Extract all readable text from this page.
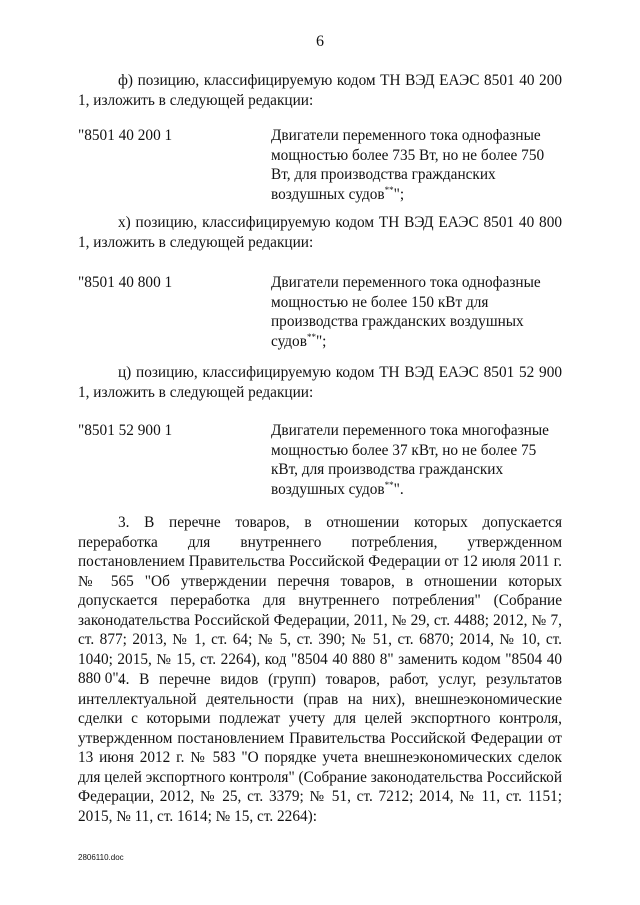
6
ф) позицию, классифицируемую кодом ТН ВЭД ЕАЭС 8501 40 200 1, изложить в следующей редакции:
"8501 40 200 1	Двигатели переменного тока однофазные мощностью более 735 Вт, но не более 750 Вт, для производства гражданских воздушных судов**";
х) позицию, классифицируемую кодом ТН ВЭД ЕАЭС 8501 40 800 1, изложить в следующей редакции:
"8501 40 800 1	Двигатели переменного тока однофазные мощностью не более 150 кВт для производства гражданских воздушных судов**";
ц) позицию, классифицируемую кодом ТН ВЭД ЕАЭС 8501 52 900 1, изложить в следующей редакции:
"8501 52 900 1	Двигатели переменного тока многофазные мощностью более 37 кВт, но не более 75 кВт, для производства гражданских воздушных судов**".
3. В перечне товаров, в отношении которых допускается переработка для внутреннего потребления, утвержденном постановлением Правительства Российской Федерации от 12 июля 2011 г. № 565 "Об утверждении перечня товаров, в отношении которых допускается переработка для внутреннего потребления" (Собрание законодательства Российской Федерации, 2011, № 29, ст. 4488; 2012, № 7, ст. 877; 2013, № 1, ст. 64; № 5, ст. 390; № 51, ст. 6870; 2014, № 10, ст. 1040; 2015, № 15, ст. 2264), код "8504 40 880 8" заменить кодом "8504 40 880 0".
4. В перечне видов (групп) товаров, работ, услуг, результатов интеллектуальной деятельности (прав на них), внешнеэкономические сделки с которыми подлежат учету для целей экспортного контроля, утвержденном постановлением Правительства Российской Федерации от 13 июня 2012 г. № 583 "О порядке учета внешнеэкономических сделок для целей экспортного контроля" (Собрание законодательства Российской Федерации, 2012, № 25, ст. 3379; № 51, ст. 7212; 2014, № 11, ст. 1151; 2015, № 11, ст. 1614; № 15, ст. 2264):
2806110.doc
